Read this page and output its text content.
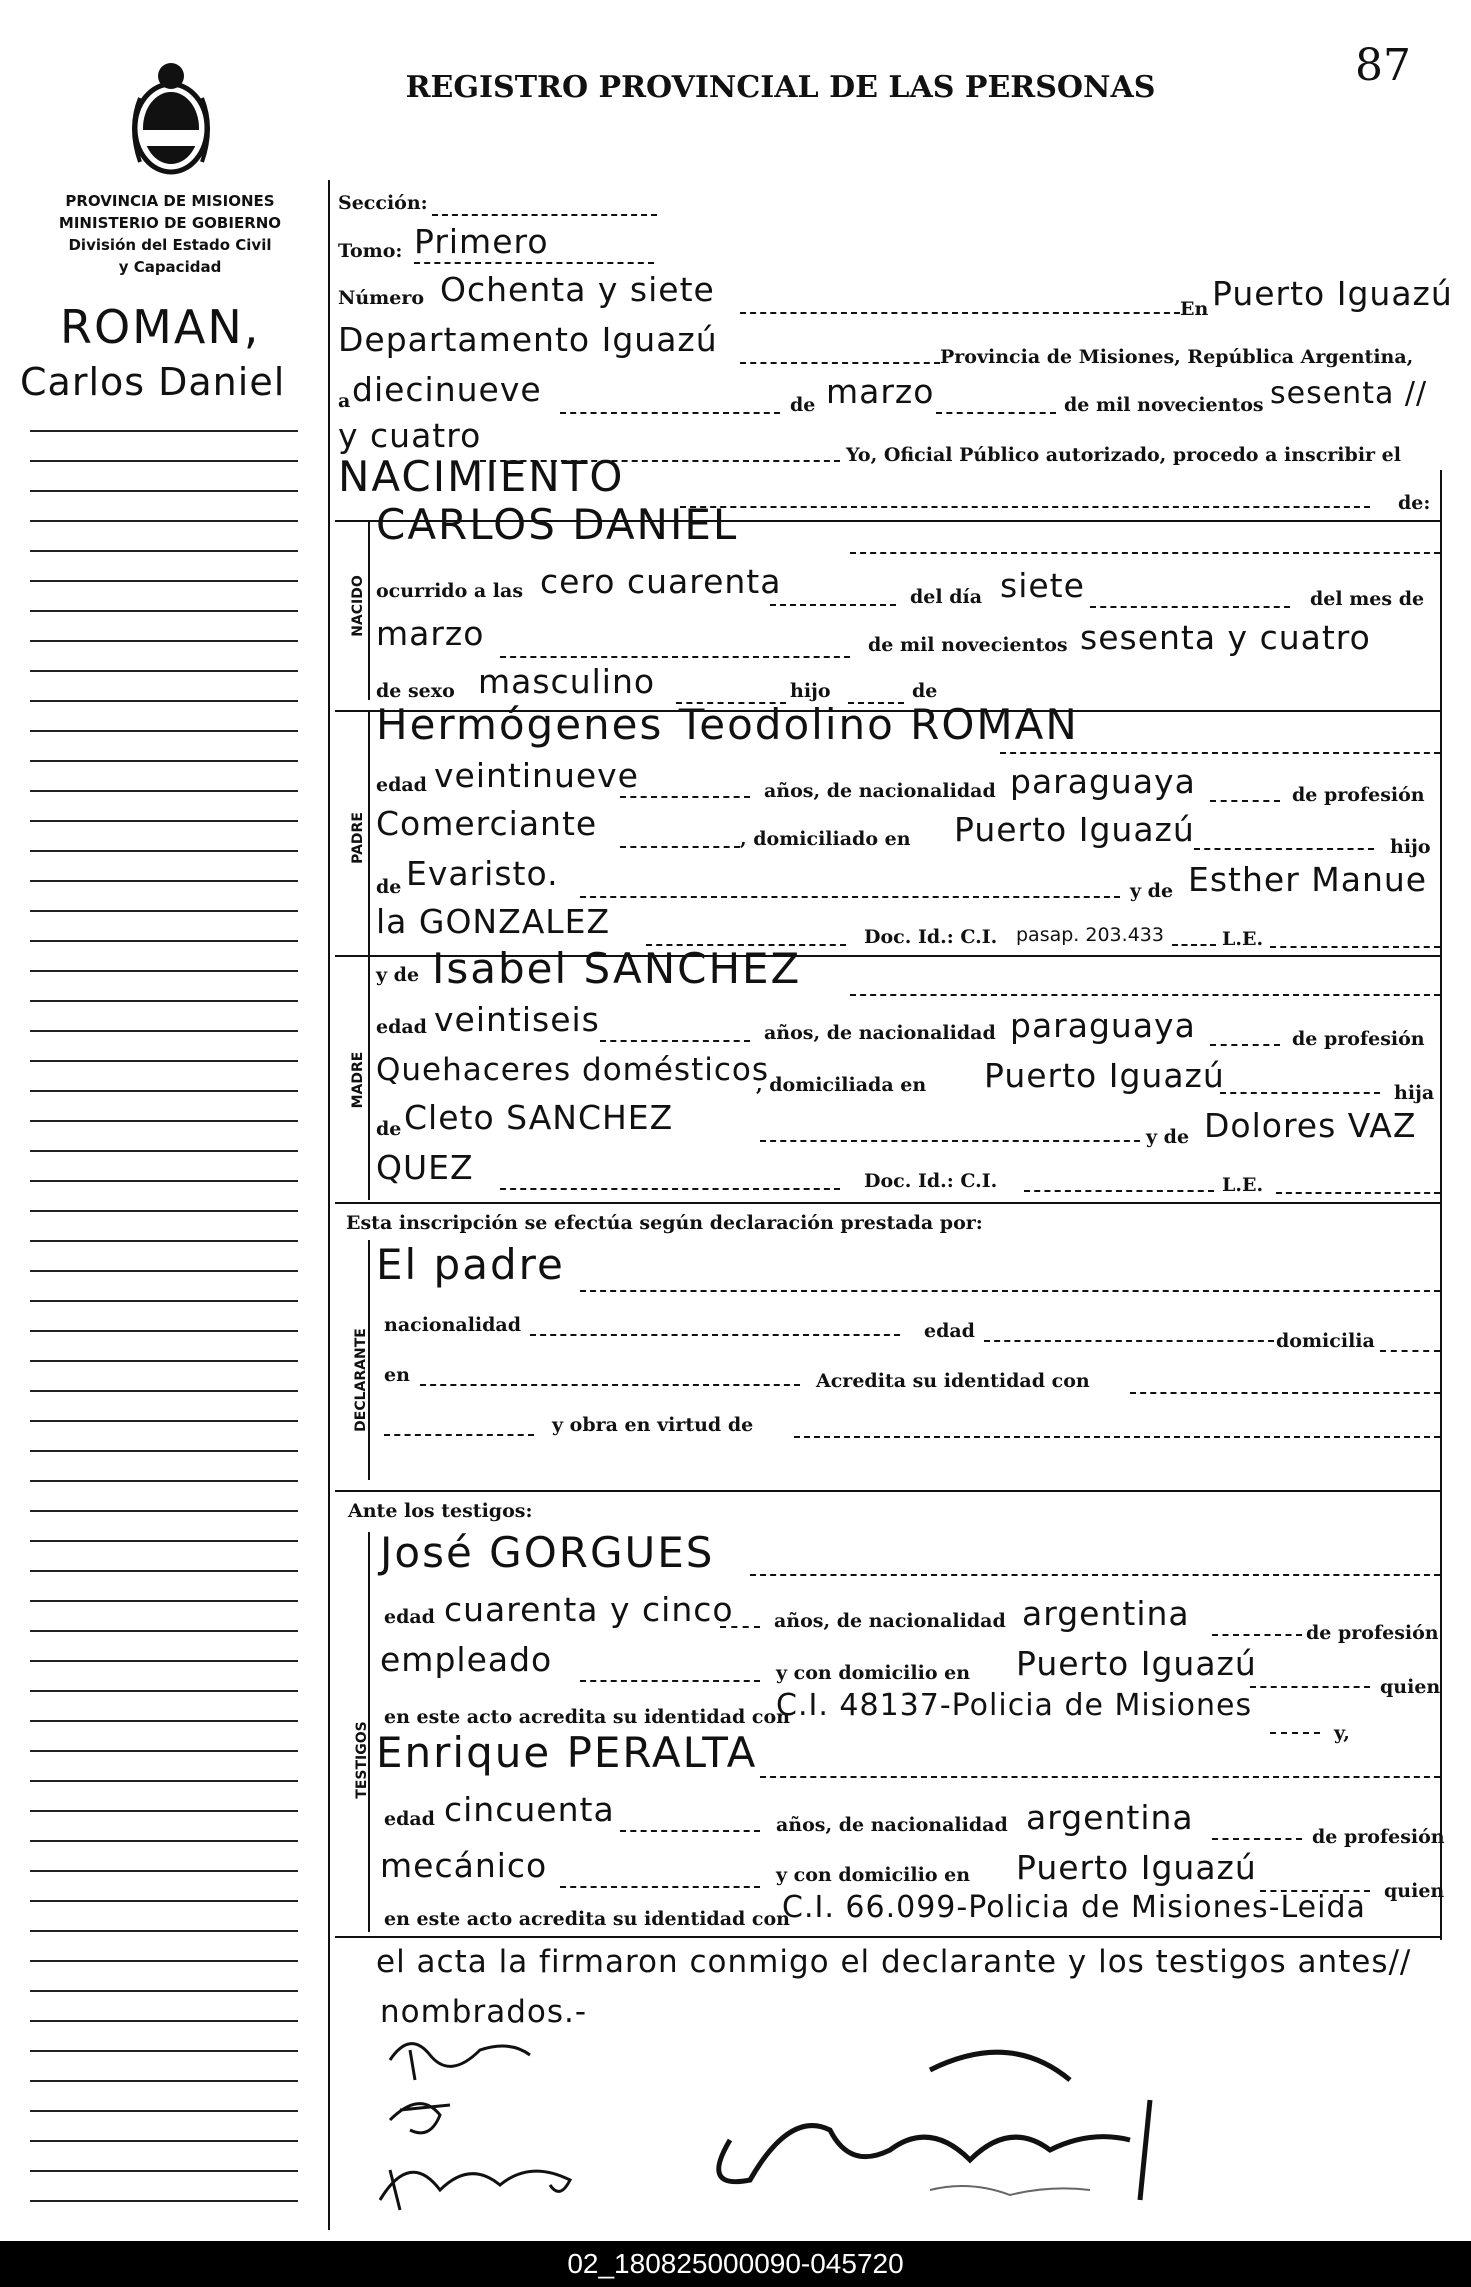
REGISTRO PROVINCIAL DE LAS PERSONAS	87
PROVINCIA DE MISIONES
MINISTERIO DE GOBIERNO
División del Estado Civil
y Capacidad
ROMAN,
Carlos Daniel
Sección:
Tomo: Primero
Número Ochenta y siete	En Puerto Iguazú
Departamento Iguazú	Provincia de Misiones, República Argentina,
a diecinueve	de marzo	de mil novecientos sesenta //
y cuatro	Yo, Oficial Público autorizado, procedo a inscribir el
NACIMIENTO
de:
NACIDO
CARLOS DANIEL
ocurrido a las cero cuarenta	del día siete	del mes de
marzo	de mil novecientos sesenta y cuatro
de sexo masculino	hijo	de
PADRE
Hermógenes Teodolino ROMAN
edad veintinueve	años, de nacionalidad paraguaya	de profesión
Comerciante	, domiciliado en Puerto Iguazú	hijo
de Evaristo.	y de Esther Manue
la GONZALEZ	Doc. Id.: C.I. pasap. 203.433	L.E.
MADRE
y de Isabel SANCHEZ
edad veintiseis	años, de nacionalidad paraguaya	de profesión
Quehaceres domésticos
, domiciliada en Puerto Iguazú	hija
de Cleto SANCHEZ	y de Dolores VAZ
QUEZ	Doc. Id.: C.I.	L.E.
Esta inscripción se efectúa según declaración prestada por:
DECLARANTE
El padre
nacionalidad	edad	domicilia
en	Acredita su identidad con
y obra en virtud de
Ante los testigos:
TESTIGOS
José GORGUES
edad cuarenta y cinco años, de nacionalidad argentina	de profesión
empleado	y con domicilio en Puerto Iguazú
quien
en este acto acredita su identidad con
C.I. 48137-Policia de Misiones
y,
Enrique PERALTA
edad cincuenta	años, de nacionalidad argentina	de profesión
mecánico	y con domicilio en Puerto Iguazú
quien
en este acto acredita su identidad con
C.I. 66.099-Policia de Misiones-Leida
el acta la firmaron conmigo el declarante y los testigos antes//
nombrados.-
02_180825000090-045720
